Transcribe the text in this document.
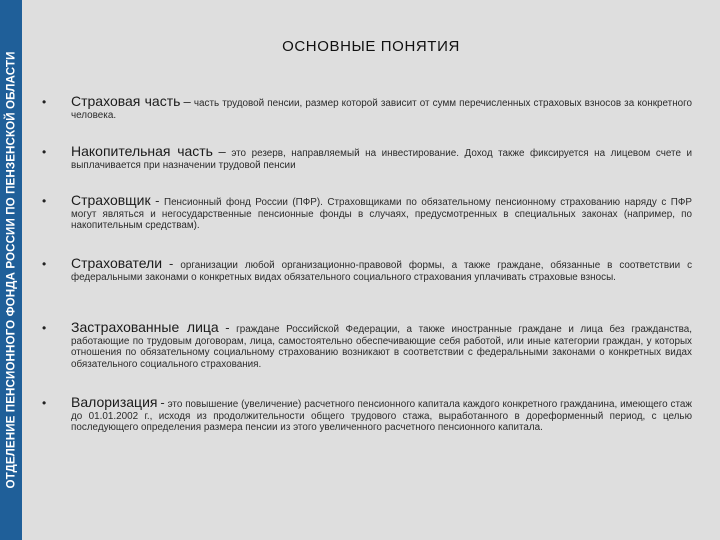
ОТДЕЛЕНИЕ ПЕНСИОННОГО ФОНДА РОССИИ ПО ПЕНЗЕНСКОЙ ОБЛАСТИ
ОСНОВНЫЕ ПОНЯТИЯ
• Страховая часть – часть трудовой пенсии, размер которой зависит от сумм перечисленных страховых взносов за конкретного человека.
• Накопительная часть – это резерв, направляемый на инвестирование. Доход также фиксируется на лицевом счете и выплачивается при назначении трудовой пенсии
• Страховщик - Пенсионный фонд России (ПФР). Страховщиками по обязательному пенсионному страхованию наряду с ПФР могут являться и негосударственные пенсионные фонды в случаях, предусмотренных в специальных законах (например, по накопительным средствам).
• Страхователи - организации любой организационно-правовой формы, а также граждане, обязанные в соответствии с федеральными законами о конкретных видах обязательного социального страхования уплачивать страховые взносы.
• Застрахованные лица - граждане Российской Федерации, а также иностранные граждане и лица без гражданства, работающие по трудовым договорам, лица, самостоятельно обеспечивающие себя работой, или иные категории граждан, у которых отношения по обязательному социальному страхованию возникают в соответствии с федеральными законами о конкретных видах обязательного социального страхования.
• Валоризация - это повышение (увеличение) расчетного пенсионного капитала каждого конкретного гражданина, имеющего стаж до 01.01.2002 г., исходя из продолжительности общего трудового стажа, выработанного в дореформенный период, с целью последующего определения размера пенсии из этого увеличенного расчетного пенсионного капитала.
